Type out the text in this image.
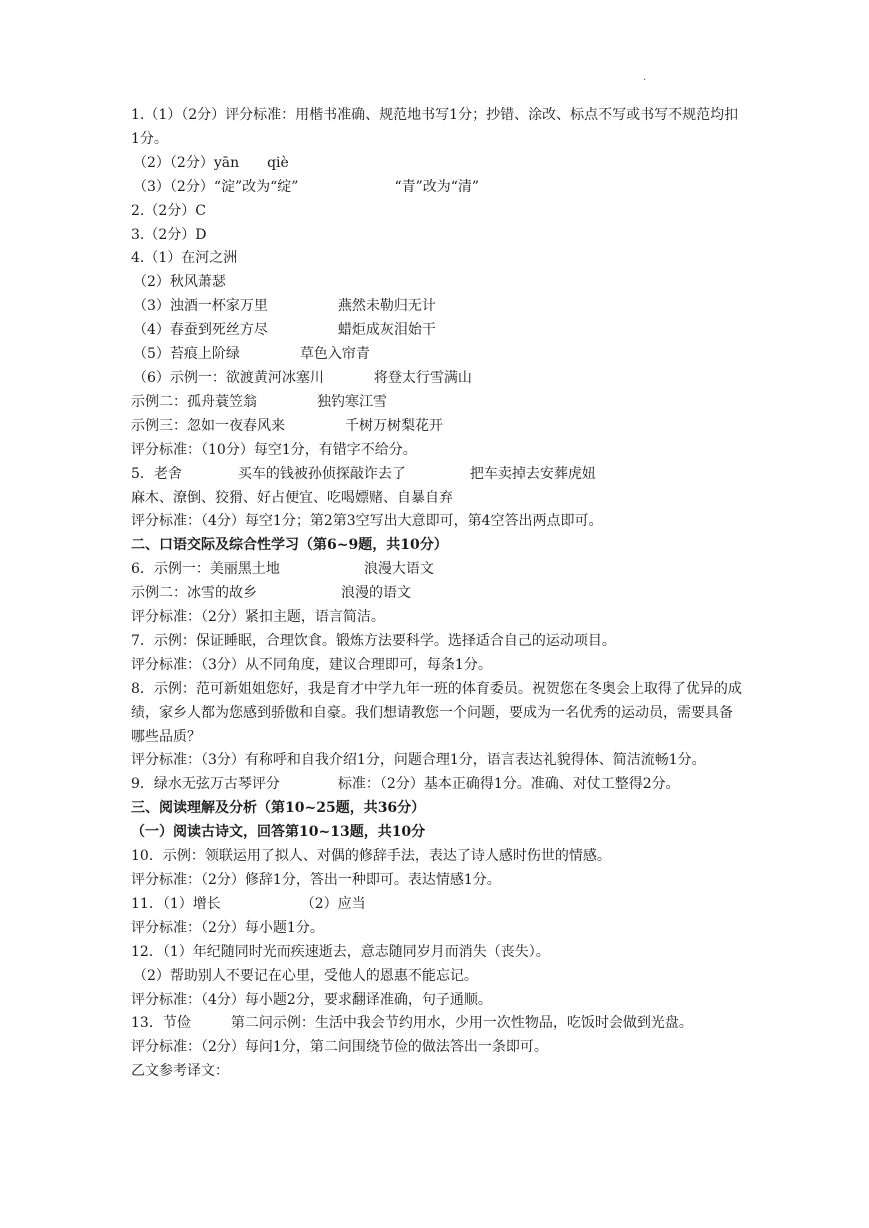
.

1.（1）（2分）评分标准：用楷书准确、规范地书写1分；抄错、涂改、标点不写或书写不规范均扣1分。

（2）（2分）yān　　qiè

（3）（2分）“淀”改为“绽”	“青”改为“清”

2.（2分）C

3.（2分）D

4.（1）在河之洲

（2）秋风萧瑟

（3）浊酒一杯家万里	燕然未勒归无计

（4）春蚕到死丝方尽	蜡炬成灰泪始干

（5）苔痕上阶绿	草色入帘青

（6）示例一：欲渡黄河冰塞川	将登太行雪满山

示例二：孤舟蓑笠翁	独钓寒江雪

示例三：忽如一夜春风来	千树万树梨花开

评分标准：（10分）每空1分，有错字不给分。

5．老舍	买车的钱被孙侦探敲诈去了	把车卖掉去安葬虎妞

麻木、潦倒、狡猾、好占便宜、吃喝嫖赌、自暴自弃

评分标准：（4分）每空1分；第2第3空写出大意即可，第4空答出两点即可。

二、口语交际及综合性学习（第6~9题，共10分）

6．示例一：美丽黑土地	浪漫大语文

示例二：冰雪的故乡	浪漫的语文

评分标准：（2分）紧扣主题，语言简洁。

7．示例：保证睡眠，合理饮食。锻炼方法要科学。选择适合自己的运动项目。

评分标准：（3分）从不同角度，建议合理即可，每条1分。

8．示例：范可新姐姐您好，我是育才中学九年一班的体育委员。祝贺您在冬奥会上取得了优异的成绩，家乡人都为您感到骄傲和自豪。我们想请教您一个问题，要成为一名优秀的运动员，需要具备哪些品质？

评分标准：（3分）有称呼和自我介绍1分，问题合理1分，语言表达礼貌得体、简洁流畅1分。

9．绿水无弦万古琴评分	标准：（2分）基本正确得1分。准确、对仗工整得2分。

三、阅读理解及分析（第10~25题，共36分）

（一）阅读古诗文，回答第10~13题，共10分

10．示例：领联运用了拟人、对偶的修辞手法，表达了诗人感时伤世的情感。

评分标准：（2分）修辞1分，答出一种即可。表达情感1分。

11．（1）增长	（2）应当

评分标准：（2分）每小题1分。

12．（1）年纪随同时光而疾速逝去，意志随同岁月而消失（丧失）。

（2）帮助别人不要记在心里，受他人的恩惠不能忘记。

评分标准：（4分）每小题2分，要求翻译准确，句子通顺。

13．节俭	第二问示例：生活中我会节约用水，少用一次性物品，吃饭时会做到光盘。

评分标准：（2分）每问1分，第二问围绕节俭的做法答出一条即可。

乙文参考译文：
